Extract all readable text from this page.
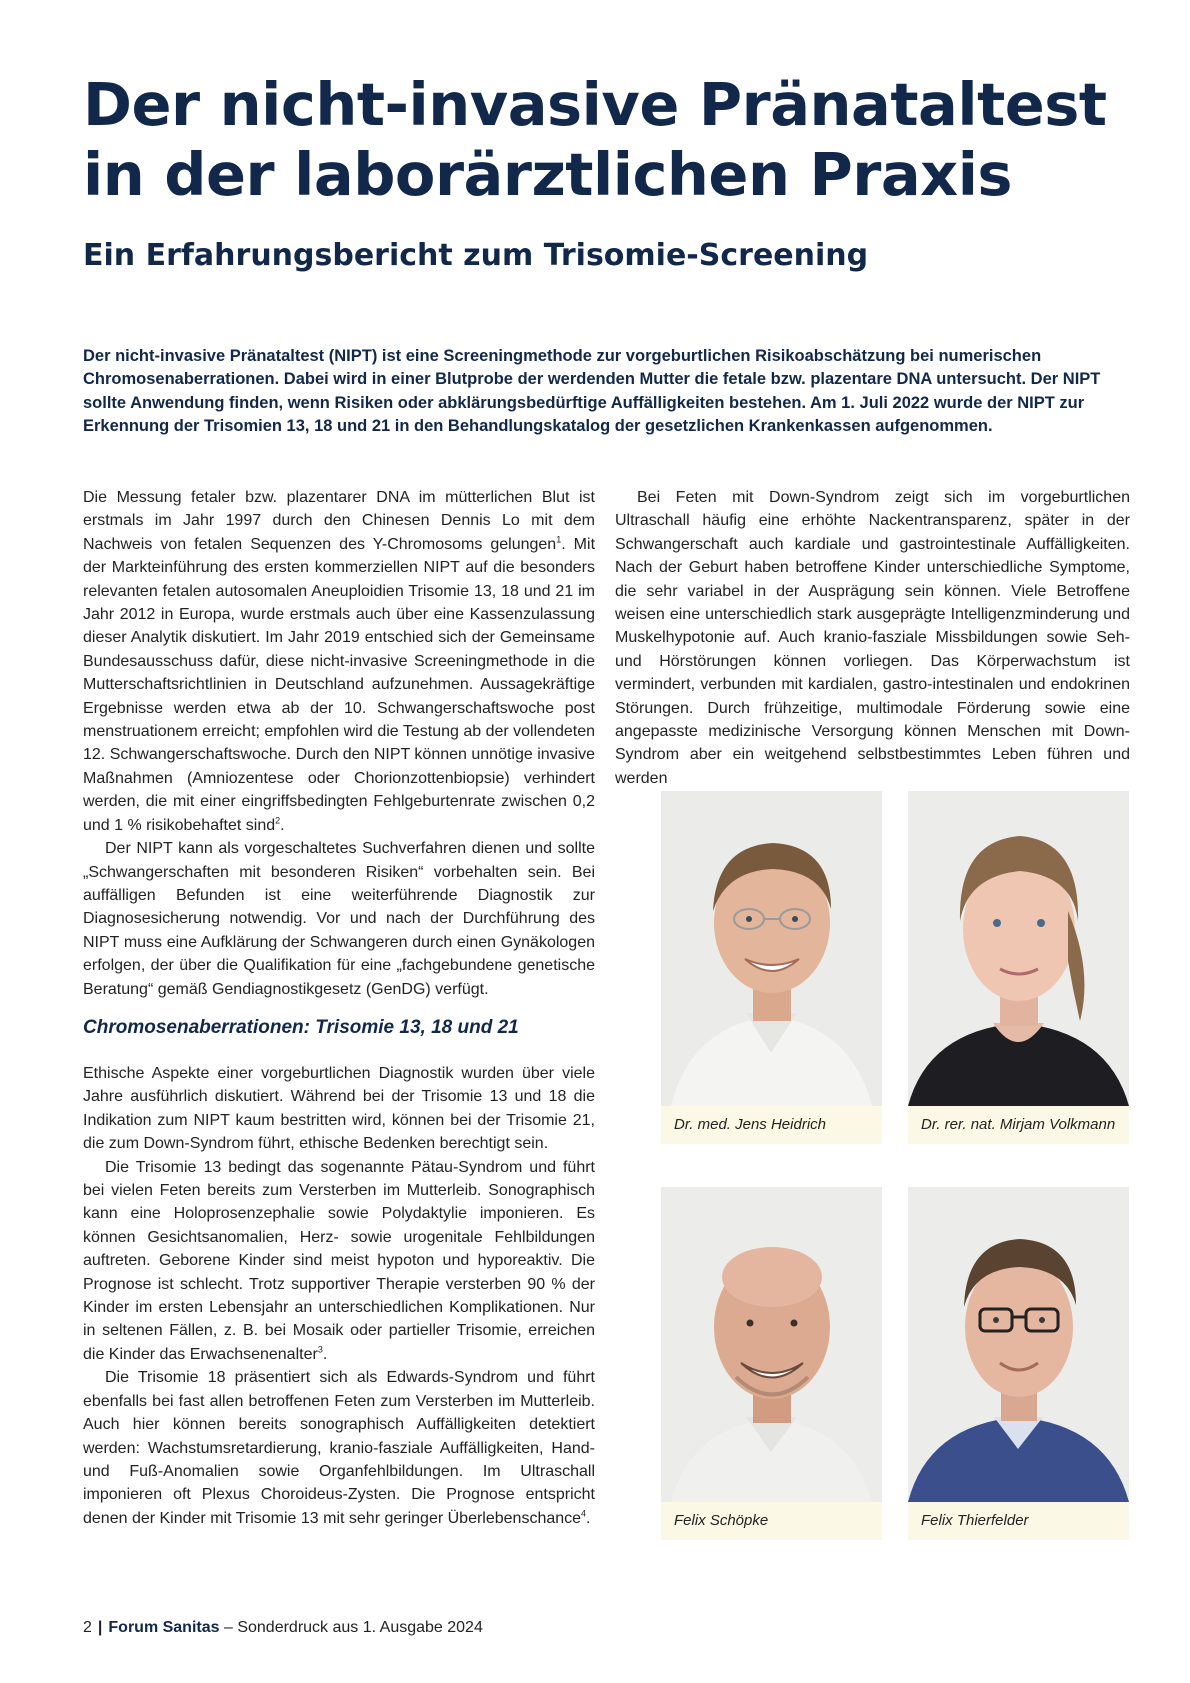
Der nicht-invasive Pränataltest
in der laborärztlichen Praxis
Ein Erfahrungsbericht zum Trisomie-Screening

Der nicht-invasive Pränataltest (NIPT) ist eine Screeningmethode zur vorgeburtlichen Risikoabschätzung bei numerischen Chromosenaberrationen. Dabei wird in einer Blutprobe der werdenden Mutter die fetale bzw. plazentare DNA untersucht. Der NIPT sollte Anwendung finden, wenn Risiken oder abklärungsbedürftige Auffälligkeiten bestehen. Am 1. Juli 2022 wurde der NIPT zur Erkennung der Trisomien 13, 18 und 21 in den Behandlungskatalog der gesetzlichen Krankenkassen aufgenommen.

Die Messung fetaler bzw. plazentarer DNA im mütterlichen Blut ist erstmals im Jahr 1997 durch den Chinesen Dennis Lo mit dem Nachweis von fetalen Sequenzen des Y-Chromosoms gelungen$^1$. Mit der Markteinführung des ersten kommerziellen NIPT auf die besonders relevanten fetalen autosomalen Aneuploidien Trisomie 13, 18 und 21 im Jahr 2012 in Europa, wurde erstmals auch über eine Kassenzulassung dieser Analytik diskutiert. Im Jahr 2019 entschied sich der Gemeinsame Bundesausschuss dafür, diese nicht-invasive Screeningmethode in die Mutterschaftsrichtlinien in Deutschland aufzunehmen. Aussagekräftige Ergebnisse werden etwa ab der 10. Schwangerschaftswoche post menstruationem erreicht; empfohlen wird die Testung ab der vollendeten 12. Schwangerschaftswoche. Durch den NIPT können unnötige invasive Maßnahmen (Amniozentese oder Chorionzottenbiopsie) verhindert werden, die mit einer eingriffsbedingten Fehlgeburtenrate zwischen 0,2 und 1 % risikobehaftet sind$^2$.

Der NIPT kann als vorgeschaltetes Suchverfahren dienen und sollte „Schwangerschaften mit besonderen Risiken“ vorbehalten sein. Bei auffälligen Befunden ist eine weiterführende Diagnostik zur Diagnosesicherung notwendig. Vor und nach der Durchführung des NIPT muss eine Aufklärung der Schwangeren durch einen Gynäkologen erfolgen, der über die Qualifikation für eine „fachgebundene genetische Beratung“ gemäß Gendiagnostikgesetz (GenDG) verfügt.

Chromosenaberrationen: Trisomie 13, 18 und 21

Ethische Aspekte einer vorgeburtlichen Diagnostik wurden über viele Jahre ausführlich diskutiert. Während bei der Trisomie 13 und 18 die Indikation zum NIPT kaum bestritten wird, können bei der Trisomie 21, die zum Down-Syndrom führt, ethische Bedenken berechtigt sein.

Die Trisomie 13 bedingt das sogenannte Pätau-Syndrom und führt bei vielen Feten bereits zum Versterben im Mutterleib. Sonographisch kann eine Holoprosenzephalie sowie Polydaktylie imponieren. Es können Gesichtsanomalien, Herz- sowie urogenitale Fehlbildungen auftreten. Geborene Kinder sind meist hypoton und hyporeaktiv. Die Prognose ist schlecht. Trotz supportiver Therapie versterben 90 % der Kinder im ersten Lebensjahr an unterschiedlichen Komplikationen. Nur in seltenen Fällen, z. B. bei Mosaik oder partieller Trisomie, erreichen die Kinder das Erwachsenenalter$^3$.

Die Trisomie 18 präsentiert sich als Edwards-Syndrom und führt ebenfalls bei fast allen betroffenen Feten zum Versterben im Mutterleib. Auch hier können bereits sonographisch Auffälligkeiten detektiert werden: Wachstumsretardierung, kranio-fasziale Auffälligkeiten, Hand- und Fuß-Anomalien sowie Organfehlbildungen. Im Ultraschall imponieren oft Plexus Choroideus-Zysten. Die Prognose entspricht denen der Kinder mit Trisomie 13 mit sehr geringer Überlebenschance$^4$.

Bei Feten mit Down-Syndrom zeigt sich im vorgeburtlichen Ultraschall häufig eine erhöhte Nackentransparenz, später in der Schwangerschaft auch kardiale und gastrointestinale Auffälligkeiten. Nach der Geburt haben betroffene Kinder unterschiedliche Symptome, die sehr variabel in der Ausprägung sein können. Viele Betroffene weisen eine unterschiedlich stark ausgeprägte Intelligenzminderung und Muskelhypotonie auf. Auch kranio-fasziale Missbildungen sowie Seh- und Hörstörungen können vorliegen. Das Körperwachstum ist vermindert, verbunden mit kardialen, gastro-intestinalen und endokrinen Störungen. Durch frühzeitige, multimodale Förderung sowie eine angepasste medizinische Versorgung können Menschen mit Down-Syndrom aber ein weitgehend selbstbestimmtes Leben führen und werden

Dr. med. Jens Heidrich	Dr. rer. nat. Mirjam Volkmann
Felix Schöpke	Felix Thierfelder
2 | Forum Sanitas – Sonderdruck aus 1. Ausgabe 2024
